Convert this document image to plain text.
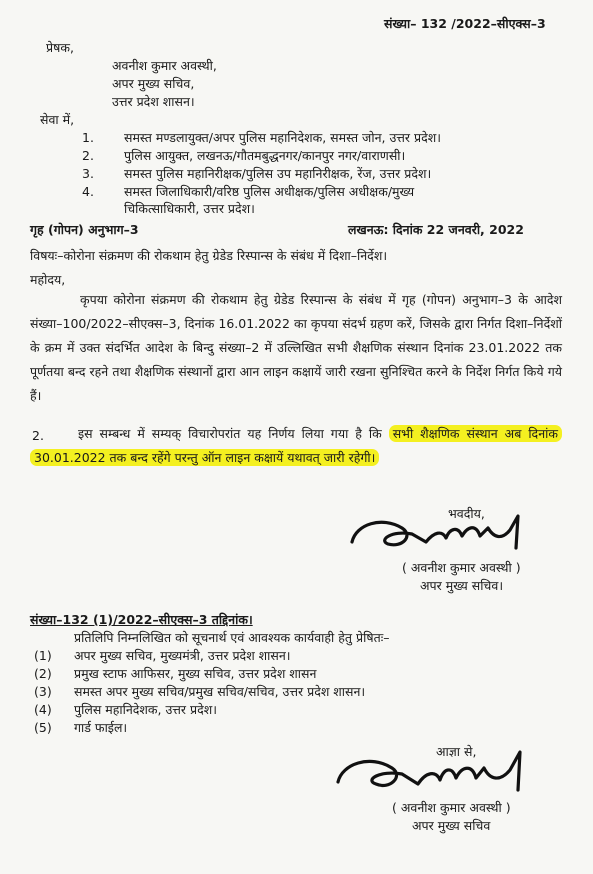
संख्या– 132 /2022–सीएक्स–3
प्रेषक,
अवनीश कुमार अवस्थी,
अपर मुख्य सचिव,
उत्तर प्रदेश शासन।
सेवा में,
1. समस्त मण्डलायुक्त/अपर पुलिस महानिदेशक, समस्त जोन, उत्तर प्रदेश।
2. पुलिस आयुक्त, लखनऊ/गौतमबुद्धनगर/कानपुर नगर/वाराणसी।
3. समस्त पुलिस महानिरीक्षक/पुलिस उप महानिरीक्षक, रेंज, उत्तर प्रदेश।
4. समस्त जिलाधिकारी/वरिष्ठ पुलिस अधीक्षक/पुलिस अधीक्षक/मुख्य
चिकित्साधिकारी, उत्तर प्रदेश।
गृह (गोपन) अनुभाग–3	लखनऊ: दिनांक 22 जनवरी, 2022
विषयः–कोरोना संक्रमण की रोकथाम हेतु ग्रेडेड रिस्पान्स के संबंध में दिशा–निर्देश।
महोदय,
कृपया कोरोना संक्रमण की रोकथाम हेतु ग्रेडेड रिस्पान्स के संबंध में गृह (गोपन) अनुभाग–3 के आदेश संख्या–100/2022–सीएक्स–3, दिनांक 16.01.2022 का कृपया संदर्भ ग्रहण करें, जिसके द्वारा निर्गत दिशा–निर्देशों के क्रम में उक्त संदर्भित आदेश के बिन्दु संख्या–2 में उल्लिखित सभी शैक्षणिक संस्थान दिनांक 23.01.2022 तक पूर्णतया बन्द रहने तथा शैक्षणिक संस्थानों द्वारा आन लाइन कक्षायें जारी रखना सुनिश्चित करने के निर्देश निर्गत किये गये हैं।
2.	इस सम्बन्ध में सम्यक् विचारोपरांत यह निर्णय लिया गया है कि सभी शैक्षणिक संस्थान अब दिनांक 30.01.2022 तक बन्द रहेंगे परन्तु ऑन लाइन कक्षायें यथावत् जारी रहेगी।
भवदीय,
( अवनीश कुमार अवस्थी )
अपर मुख्य सचिव।
संख्या–132 (1)/2022–सीएक्स–3 तद्दिनांक।
प्रतिलिपि निम्नलिखित को सूचनार्थ एवं आवश्यक कार्यवाही हेतु प्रेषितः–
(1) अपर मुख्य सचिव, मुख्यमंत्री, उत्तर प्रदेश शासन।
(2) प्रमुख स्टाफ आफिसर, मुख्य सचिव, उत्तर प्रदेश शासन
(3) समस्त अपर मुख्य सचिव/प्रमुख सचिव/सचिव, उत्तर प्रदेश शासन।
(4) पुलिस महानिदेशक, उत्तर प्रदेश।
(5) गार्ड फाईल।
आज्ञा से,
( अवनीश कुमार अवस्थी )
अपर मुख्य सचिव
